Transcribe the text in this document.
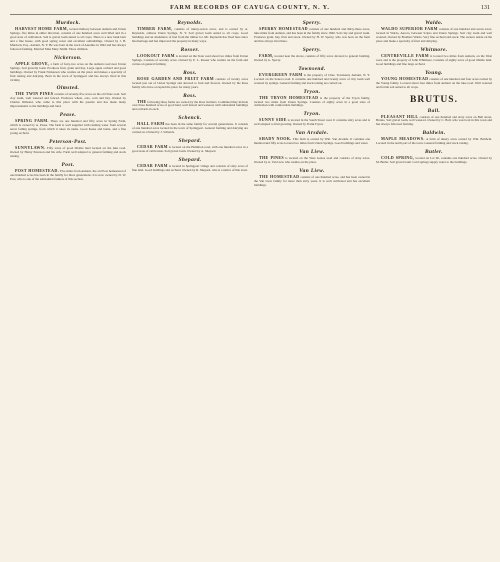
FARM RECORDS OF CAYUGA COUNTY, N. Y.	131
Murdock.

HARVEST HOME FARM, located midway between Auburn and Union Springs, five miles in either direction, consists of one hundred acres well tilled and in a good state of cultivation. Soil is gravel loam suited to all crops. There is a new bank barn and a fine house, with good spring water and excellent outbuildings. Owned by J. B. Murdock, Esq., Auburn, N. Y. He was born in the town of Aurelius in 1842 and has always followed farming. Married Miss Mary Smith. Three children.

Nickerson.

APPLE GROVE, a farm of forty-two acres on the Auburn road near Union Springs. Soil gravelly loam. Produces fruit, grain and hay. Large apple orchard and good buildings. Owned by Frank Nickerson who resides on the place and makes a specialty of fruit raising and dairying. Born in the town of Springport and has always lived in this vicinity.

Olmsted.

THE TWIN PINES consists of seventy-five acres on the old State road. Soil clay loam, well watered and fenced. Produces wheat, oats, corn and hay. Owned by Charles Olmsted, who came to this place with his parents and has made many improvements to the buildings and land.

Pease.

SPRING FARM. There are one hundred and fifty acres in Spring Farm, which is owned by A. Pease. The farm is well supplied with running water from several never failing springs, from which it takes its name. Good house and barns, and a fine young orchard.

Peterson-Post.

SUNNYLAWN. Fifty acres of good tillable land located on the lake road. Owned by Henry Peterson and his wife. Farm well adapted to general farming and stock raising.

Post.

POST HOMESTEAD. Five miles from Auburn, the old Post homestead of one hundred acres has been in the family for three generations. It is now owned by D. W. Post, who is one of the substantial farmers of this section.

Reynolds.

TIMBER FARM, consists of ninety-seven acres, and is owned by A. Reynolds, address Union Springs, N. Y. Soil gravel loam suited to all crops. Good buildings and an abundance of fuel from the timber lot. Mr. Reynolds has lived here since his marriage and has improved the property in many ways.

Rosser.

LOOKOUT FARM is located on the State road about two miles from Union Springs. Consists of seventy acres. Owned by E. L. Rosser who resides on the farm and carries on general farming.

Ross.

ROSE GARDEN AND FRUIT FARM consists of twenty acres located just out of Union Springs and devoted to fruit and flowers. Owned by the Ross family who have occupied the place for many years.

Ross.

THE following three farms are owned by the Ross brothers. Combined they include over three hundred acres of good land, well fenced and watered, with substantial buildings and orchards in each.

Schenck.

HALL FARM has been in the same family for several generations. It consists of one hundred acres located in the town of Springport. General farming and dairying are carried on. Owned by J. Schenck.

Shepard.

CEDAR FARM is located on the Hamilton road, with one hundred acres in a good state of cultivation. Soil gravel loam. Owned by A. Shepard.

Shepard.

CEDAR FARM is located in Springport village and consists of sixty acres of fine land. Good buildings and orchard. Owned by R. Shepard, who is a native of this town.

Sperry.

SPERRY HOMESTEAD consists of one hundred and thirty-three acres, nine miles from Auburn, and has been in the family since 1840. Soil clay and gravel loam. Produces grain, hay, fruit and stock. Owned by H. W. Sperry, who was born on the farm and has always lived here.

Sperry.

FARM, located near the above, consists of fifty acres devoted to general farming. Owned by G. Sperry.

Townsend.

EVERGREEN FARM is the property of Chas. Townsend, Auburn, N. Y. Located on the Seneca road. It contains one hundred and twenty acres of clay loam well watered by springs. General farming and stock raising are carried on.

Tryon.

THE TRYON HOMESTEAD is the property of the Tryon family, located two miles from Union Springs. Consists of eighty acres in a good state of cultivation with comfortable buildings.

Tryon.

SUNNY SIDE is located in the South Street road. It contains sixty acres and is well adapted to fruit growing. Owned by Frank Tryon.

Van Arsdale.

SHADY NOOK. This farm is owned by Wm. Van Arsdale. It contains one hundred and fifty acres located two miles from Union Springs. Good buildings and water.

Van Liew.

THE PINES is located on the West Genoa road and consists of sixty acres. Owned by A. Van Liew who resides on the place.

Van Liew.

THE HOMESTEAD consists of one hundred acres, and has been owned in the Van Liew family for more than sixty years. It is well cultivated and has excellent buildings.

Waldo.

WALDO SUPERIOR FARM consists of one hundred and seven acres, located in Waldo, Aurora, between Scipio and Union Springs. Soil clay loam and well watered. Owned by Brothers Waldo. Very fine orchard and stock. The owners reside on the place and make a specialty of fruit and dairying.

Whitmore.

CENTREVILLE FARM is located two miles from Auburn, on the West road, and is the property of John Whitmore. Consists of eighty acres of good tillable land. Good buildings and fine large orchard.

Young.

YOUNG HOMESTEAD consists of one hundred and four acres owned by the Young family. Located about four miles from Auburn on the lake road. Well watered and fertile soil suited to all crops.

BRUTUS.
Ball.

PLEASANT HILL consists of one hundred and sixty acres on Bell street, Brutus. Soil gravel loam, well watered. Owned by C. Ball, who was born in this town and has always followed farming.

Baldwin.

MAPLE MEADOWS. A farm of ninety acres owned by Wm. Baldwin. Located in the north part of the town. General farming and stock raising.

Butler.

COLD SPRING, located on Lot 96, contains one hundred acres. Owned by M. Butler. Soil gravel loam. Cold springs supply water to the buildings.
